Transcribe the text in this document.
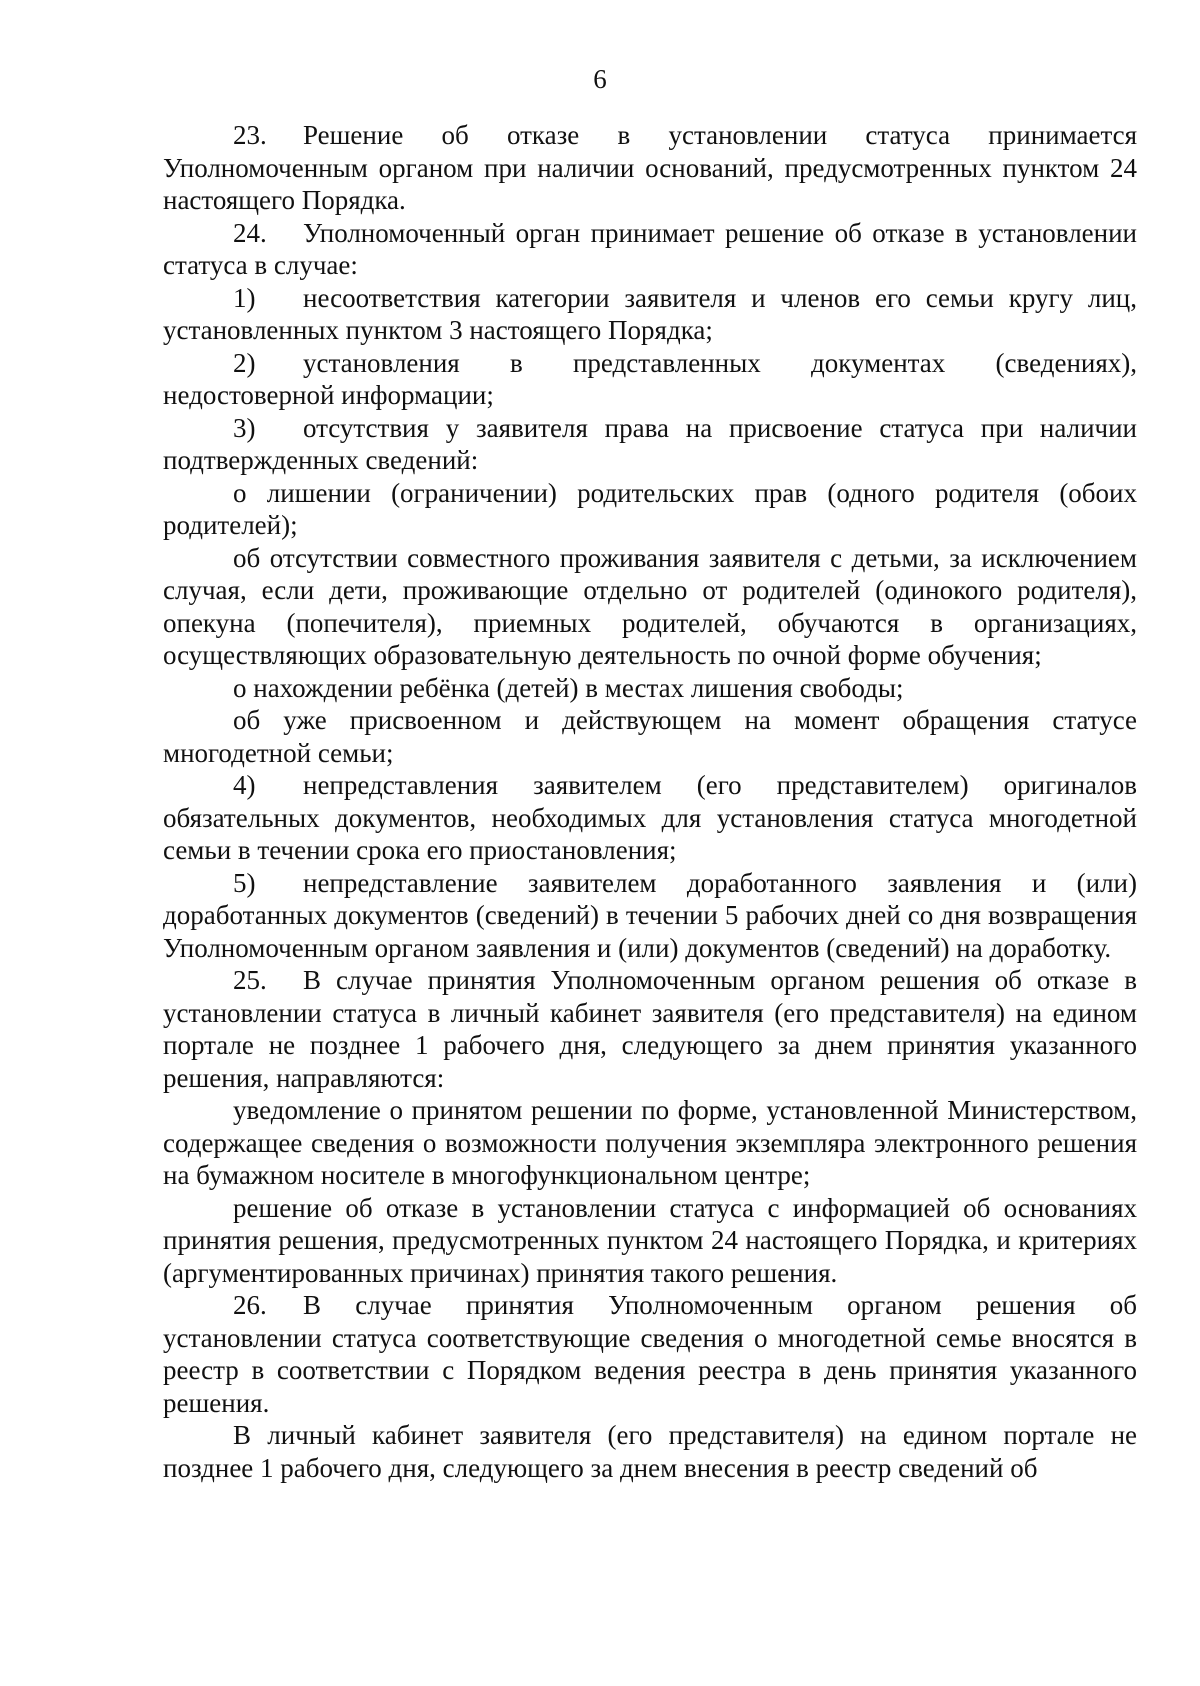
6

23. Решение об отказе в установлении статуса принимается Уполномоченным органом при наличии оснований, предусмотренных пунктом 24 настоящего Порядка.

24. Уполномоченный орган принимает решение об отказе в установлении статуса в случае:

1) несоответствия категории заявителя и членов его семьи кругу лиц, установленных пунктом 3 настоящего Порядка;

2) установления в представленных документах (сведениях), недостоверной информации;

3) отсутствия у заявителя права на присвоение статуса при наличии подтвержденных сведений:

о лишении (ограничении) родительских прав (одного родителя (обоих родителей);

об отсутствии совместного проживания заявителя с детьми, за исключением случая, если дети, проживающие отдельно от родителей (одинокого родителя), опекуна (попечителя), приемных родителей, обучаются в организациях, осуществляющих образовательную деятельность по очной форме обучения;

о нахождении ребёнка (детей) в местах лишения свободы;

об уже присвоенном и действующем на момент обращения статусе многодетной семьи;

4) непредставления заявителем (его представителем) оригиналов обязательных документов, необходимых для установления статуса многодетной семьи в течении срока его приостановления;

5) непредставление заявителем доработанного заявления и (или) доработанных документов (сведений) в течении 5 рабочих дней со дня возвращения Уполномоченным органом заявления и (или) документов (сведений) на доработку.

25. В случае принятия Уполномоченным органом решения об отказе в установлении статуса в личный кабинет заявителя (его представителя) на едином портале не позднее 1 рабочего дня, следующего за днем принятия указанного решения, направляются:

уведомление о принятом решении по форме, установленной Министерством, содержащее сведения о возможности получения экземпляра электронного решения на бумажном носителе в многофункциональном центре;

решение об отказе в установлении статуса с информацией об основаниях принятия решения, предусмотренных пунктом 24 настоящего Порядка, и критериях (аргументированных причинах) принятия такого решения.

26. В случае принятия Уполномоченным органом решения об установлении статуса соответствующие сведения о многодетной семье вносятся в реестр в соответствии с Порядком ведения реестра в день принятия указанного решения.

В личный кабинет заявителя (его представителя) на едином портале не позднее 1 рабочего дня, следующего за днем внесения в реестр сведений об
